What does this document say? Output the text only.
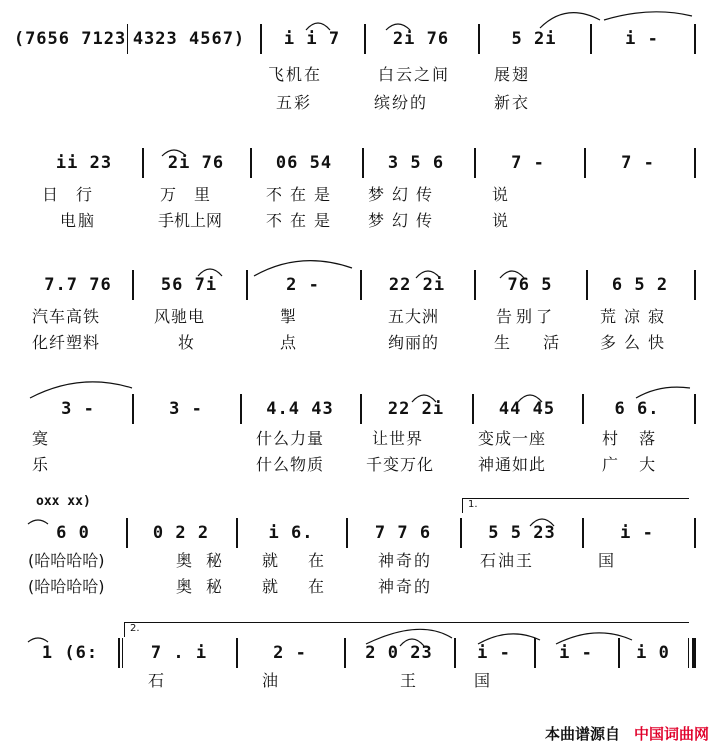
(7656 7123 4323 4567)	i i 7	2i 76	5 2i	i -
飞机在	白云之间	展翅
五彩	缤纷的	新衣
ii 23	2i 76	06 54	3 5 6	7 -	7 -
日行	万里 不在是 梦幻传	说
电脑	手机上网	不在是 梦幻传	说
7.7 76	56 7i	2 -	22 2i	76 5	6 5 2
汽车高铁	风驰电	掣	五大洲	告别了	荒凉寂
化纤塑料	妆	点	绚丽的	生 活 多么快
3 -	3 -	4.4 43	22 2i	44 45	6 6.
寞	什么力量	让世界	变成一座	村 落
乐	什么物质	千变万化	神通如此	广 大
oxx xx)	1.
6 0	0 2 2	i 6.	7 7 6	5 5 23	i -
(哈哈哈哈)	奥秘 就在 神奇的	石油王	国
(哈哈哈哈)	奥秘 就在 神奇的
2.
1 (6:	7 . i	2 -	2 0 23	i -	i -	i 0
石	油	王	国
本曲谱源自 中国词曲网
